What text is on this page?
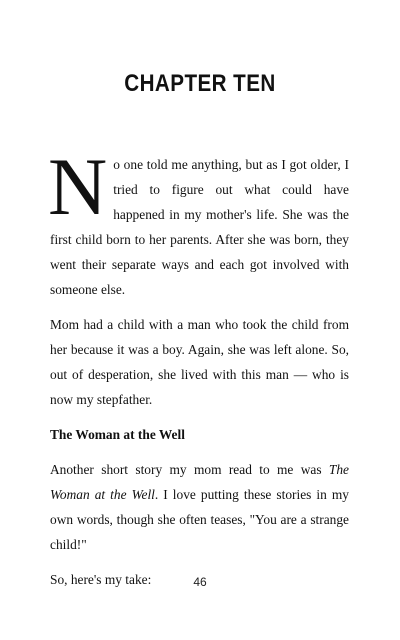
CHAPTER TEN

No one told me anything, but as I got older, I tried to figure out what could have happened in my mother's life. She was the first child born to her parents. After she was born, they went their separate ways and each got involved with someone else.

Mom had a child with a man who took the child from her because it was a boy. Again, she was left alone. So, out of desperation, she lived with this man — who is now my stepfather.

The Woman at the Well

Another short story my mom read to me was The Woman at the Well. I love putting these stories in my own words, though she often teases, "You are a strange child!"

So, here's my take:	46
